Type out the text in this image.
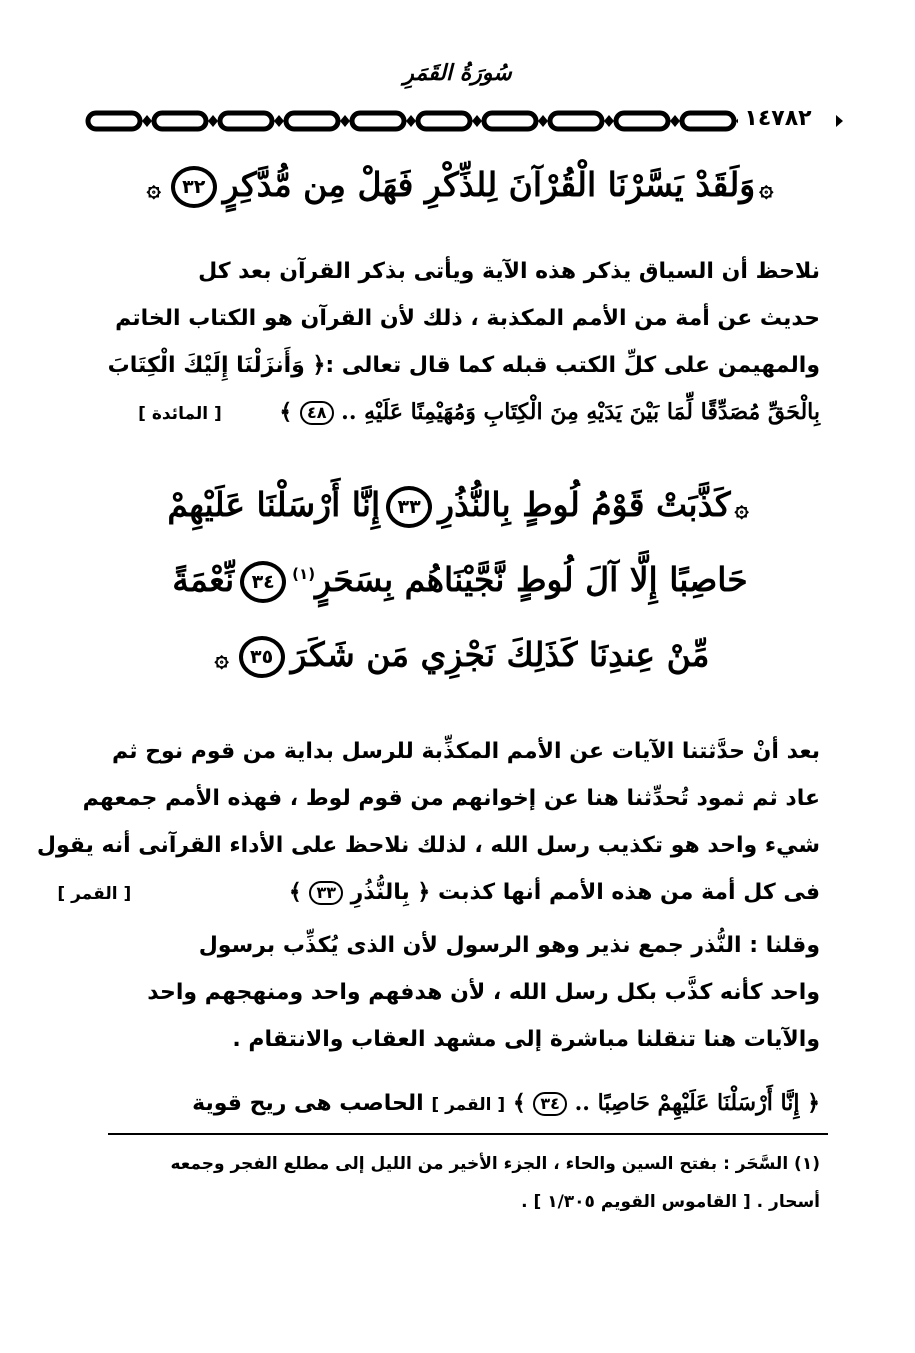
سُورَةُ القَمَرِ
١٤٧٨٢
۞وَلَقَدْ يَسَّرْنَا الْقُرْآنَ لِلذِّكْرِ فَهَلْ مِن مُّدَّكِرٍ٣٢۞
نلاحظ أن السياق يذكر هذه الآية ويأتى بذكر القرآن بعد كل
حديث عن أمة من الأمم المكذبة ، ذلك لأن القرآن هو الكتاب الخاتم
والمهيمن على كلِّ الكتب قبله كما قال تعالى :﴿ وَأَنزَلْنَا إِلَيْكَ الْكِتَابَ
بِالْحَقِّ مُصَدِّقًا لِّمَا بَيْنَ يَدَيْهِ مِنَ الْكِتَابِ وَمُهَيْمِنًا عَلَيْهِ .. ٤٨ ﴾ [ المائدة ]
۞كَذَّبَتْ قَوْمُ لُوطٍ بِالنُّذُرِ٣٣إِنَّا أَرْسَلْنَا عَلَيْهِمْ
حَاصِبًا إِلَّا آلَ لُوطٍ نَّجَّيْنَاهُم بِسَحَرٍ$^{(١)}$٣٤نِّعْمَةً
مِّنْ عِندِنَا كَذَلِكَ نَجْزِي مَن شَكَرَ٣٥۞
بعد أنْ حدَّثتنا الآيات عن الأمم المكذِّبة للرسل بداية من قوم نوح ثم
عاد ثم ثمود تُحدِّثنا هنا عن إخوانهم من قوم لوط ، فهذه الأمم جمعهم
شيء واحد هو تكذيب رسل الله ، لذلك نلاحظ على الأداء القرآنى أنه يقول
فى كل أمة من هذه الأمم أنها كذبت ﴿ بِالنُّذُرِ ٣٣ ﴾ [ القمر ]
وقلنا : النُّذر جمع نذير وهو الرسول لأن الذى يُكذِّب برسول
واحد كأنه كذَّب بكل رسل الله ، لأن هدفهم واحد ومنهجهم واحد
والآيات هنا تنقلنا مباشرة إلى مشهد العقاب والانتقام .
﴿ إِنَّا أَرْسَلْنَا عَلَيْهِمْ حَاصِبًا .. ٣٤ ﴾ [ القمر ] الحاصب هى ريح قوية
(١) السَّحَر : بفتح السين والحاء ، الجزء الأخير من الليل إلى مطلع الفجر وجمعه
أسحار . [ القاموس القويم ١/٣٠٥ ] .
